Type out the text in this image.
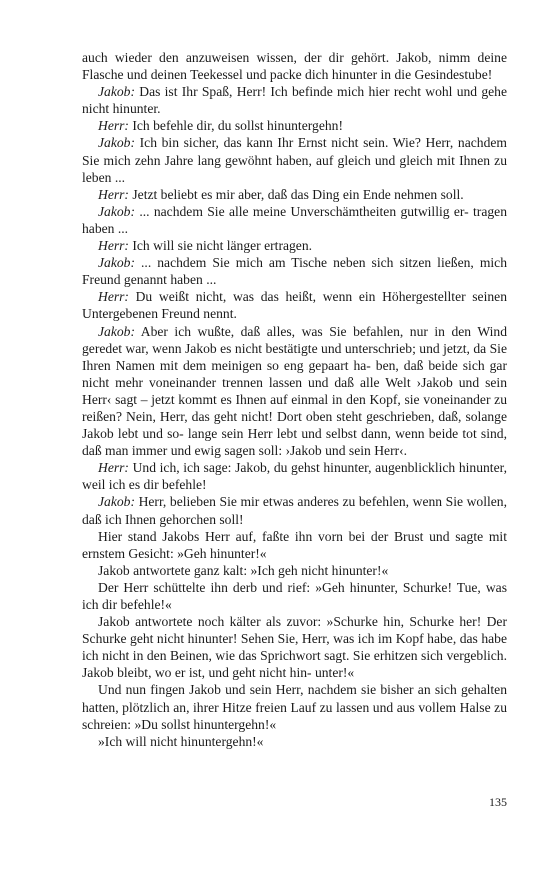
auch wieder den anzuweisen wissen, der dir gehört. Jakob, nimm deine Flasche und deinen Teekessel und packe dich hinunter in die Gesindestube!

Jakob: Das ist Ihr Spaß, Herr! Ich befinde mich hier recht wohl und gehe nicht hinunter.

Herr: Ich befehle dir, du sollst hinuntergehn!

Jakob: Ich bin sicher, das kann Ihr Ernst nicht sein. Wie? Herr, nachdem Sie mich zehn Jahre lang gewöhnt haben, auf gleich und gleich mit Ihnen zu leben ...

Herr: Jetzt beliebt es mir aber, daß das Ding ein Ende nehmen soll.

Jakob: ... nachdem Sie alle meine Unverschämtheiten gutwillig er- tragen haben ...

Herr: Ich will sie nicht länger ertragen.

Jakob: ... nachdem Sie mich am Tische neben sich sitzen ließen, mich Freund genannt haben ...

Herr: Du weißt nicht, was das heißt, wenn ein Höhergestellter seinen Untergebenen Freund nennt.

Jakob: Aber ich wußte, daß alles, was Sie befahlen, nur in den Wind geredet war, wenn Jakob es nicht bestätigte und unterschrieb; und jetzt, da Sie Ihren Namen mit dem meinigen so eng gepaart ha- ben, daß beide sich gar nicht mehr voneinander trennen lassen und daß alle Welt ›Jakob und sein Herr‹ sagt – jetzt kommt es Ihnen auf einmal in den Kopf, sie voneinander zu reißen? Nein, Herr, das geht nicht! Dort oben steht geschrieben, daß, solange Jakob lebt und so- lange sein Herr lebt und selbst dann, wenn beide tot sind, daß man immer und ewig sagen soll: ›Jakob und sein Herr‹.

Herr: Und ich, ich sage: Jakob, du gehst hinunter, augenblicklich hinunter, weil ich es dir befehle!

Jakob: Herr, belieben Sie mir etwas anderes zu befehlen, wenn Sie wollen, daß ich Ihnen gehorchen soll!

Hier stand Jakobs Herr auf, faßte ihn vorn bei der Brust und sagte mit ernstem Gesicht: »Geh hinunter!«

Jakob antwortete ganz kalt: »Ich geh nicht hinunter!«

Der Herr schüttelte ihn derb und rief: »Geh hinunter, Schurke! Tue, was ich dir befehle!«

Jakob antwortete noch kälter als zuvor: »Schurke hin, Schurke her! Der Schurke geht nicht hinunter! Sehen Sie, Herr, was ich im Kopf habe, das habe ich nicht in den Beinen, wie das Sprichwort sagt. Sie erhitzen sich vergeblich. Jakob bleibt, wo er ist, und geht nicht hin- unter!«

Und nun fingen Jakob und sein Herr, nachdem sie bisher an sich gehalten hatten, plötzlich an, ihrer Hitze freien Lauf zu lassen und aus vollem Halse zu schreien: »Du sollst hinuntergehn!«

»Ich will nicht hinuntergehn!«

135
